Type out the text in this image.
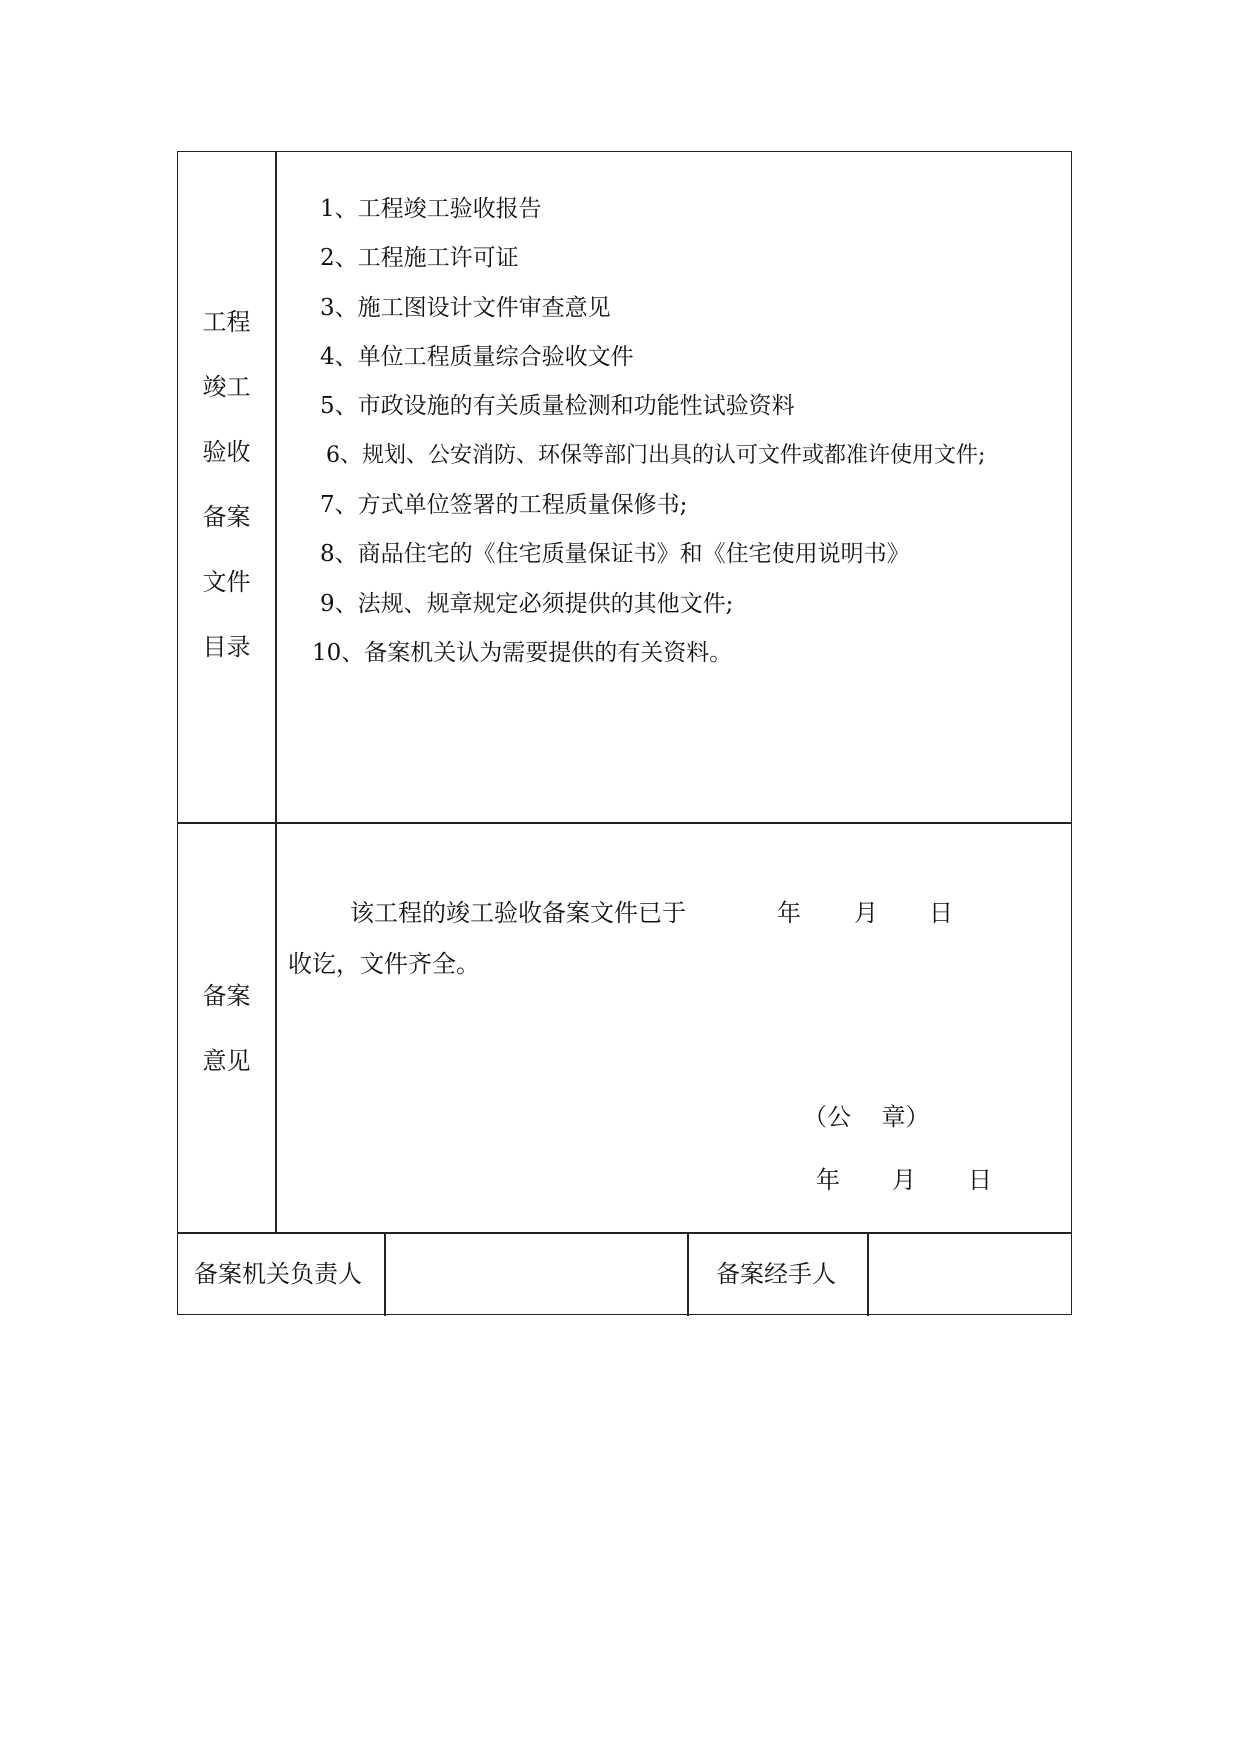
工程
竣工
验收
备案
文件
目录
1、工程竣工验收报告
2、工程施工许可证
3、施工图设计文件审查意见
4、单位工程质量综合验收文件
5、市政设施的有关质量检测和功能性试验资料
6、规划、公安消防、环保等部门出具的认可文件或都准许使用文件;
7、方式单位签署的工程质量保修书;
8、商品住宅的《住宅质量保证书》和《住宅使用说明书》
9、法规、规章规定必须提供的其他文件;
10、备案机关认为需要提供的有关资料。
备案
意见
该工程的竣工验收备案文件已于	年 月 日
收讫，文件齐全。
（公    章）
年 月 日
备案机关负责人	备案经手人
